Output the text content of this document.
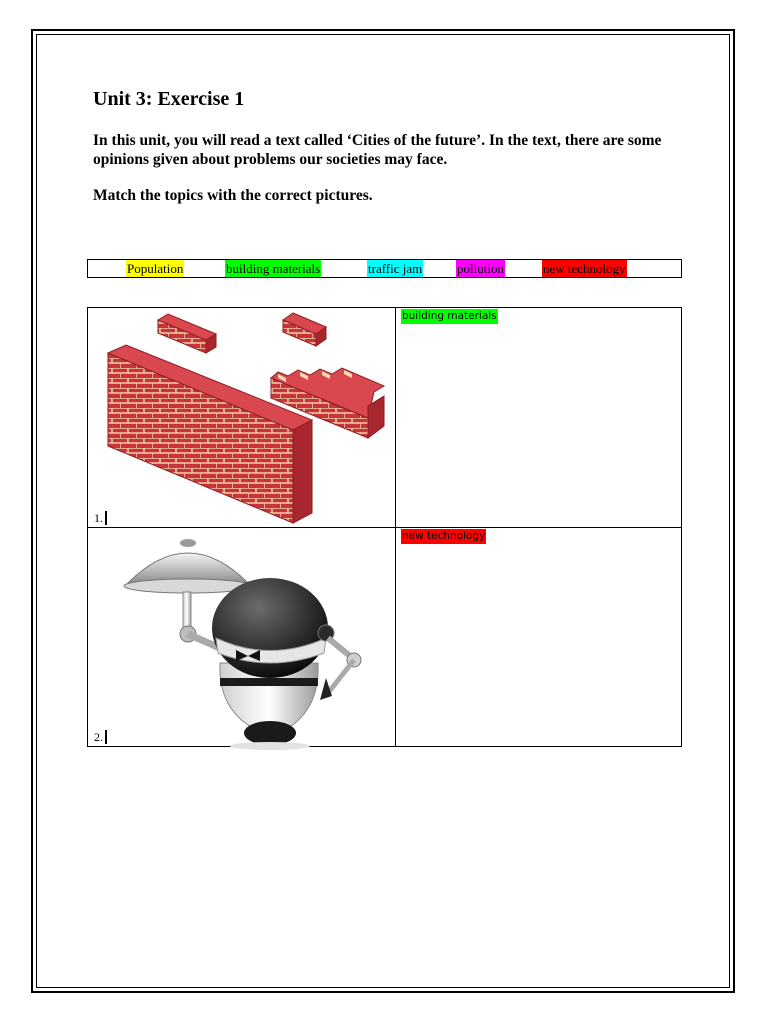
Unit 3: Exercise 1

In this unit, you will read a text called ‘Cities of the future’. In the text, there are some opinions given about problems our societies may face.

Match the topics with the correct pictures.

Population	building materials	traffic jam	pollution	new technology
1.	building materials

2.	new technology
